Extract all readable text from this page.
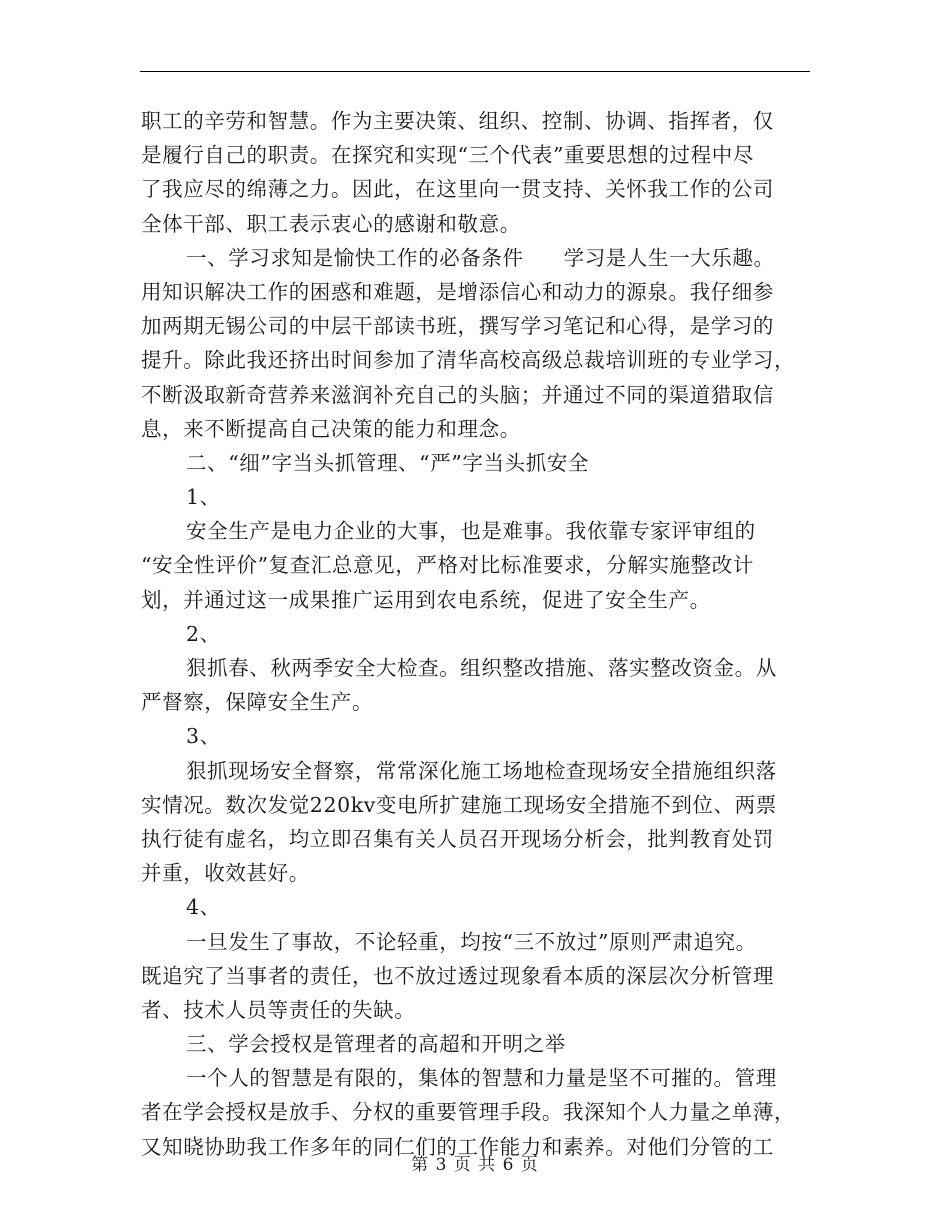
职工的辛劳和智慧。作为主要决策、组织、控制、协调、指挥者，仅
是履行自己的职责。在探究和实现“三个代表”重要思想的过程中尽
了我应尽的绵薄之力。因此，在这里向一贯支持、关怀我工作的公司
全体干部、职工表示衷心的感谢和敬意。
一、学习求知是愉快工作的必备条件 学习是人生一大乐趣。
用知识解决工作的困惑和难题，是增添信心和动力的源泉。我仔细参
加两期无锡公司的中层干部读书班，撰写学习笔记和心得，是学习的
提升。除此我还挤出时间参加了清华高校高级总裁培训班的专业学习，
不断汲取新奇营养来滋润补充自己的头脑；并通过不同的渠道猎取信
息，来不断提高自己决策的能力和理念。
二、“细”字当头抓管理、“严”字当头抓安全
1、
安全生产是电力企业的大事，也是难事。我依靠专家评审组的
“安全性评价”复查汇总意见，严格对比标准要求，分解实施整改计
划，并通过这一成果推广运用到农电系统，促进了安全生产。
2、
狠抓春、秋两季安全大检查。组织整改措施、落实整改资金。从
严督察，保障安全生产。
3、
狠抓现场安全督察，常常深化施工场地检查现场安全措施组织落
实情况。数次发觉220kv变电所扩建施工现场安全措施不到位、两票
执行徒有虚名，均立即召集有关人员召开现场分析会，批判教育处罚
并重，收效甚好。
4、
一旦发生了事故，不论轻重，均按“三不放过”原则严肃追究。
既追究了当事者的责任，也不放过透过现象看本质的深层次分析管理
者、技术人员等责任的失缺。
三、学会授权是管理者的高超和开明之举
一个人的智慧是有限的，集体的智慧和力量是坚不可摧的。管理
者在学会授权是放手、分权的重要管理手段。我深知个人力量之单薄，
又知晓协助我工作多年的同仁们的工作能力和素养。对他们分管的工
第 3 页 共 6 页
